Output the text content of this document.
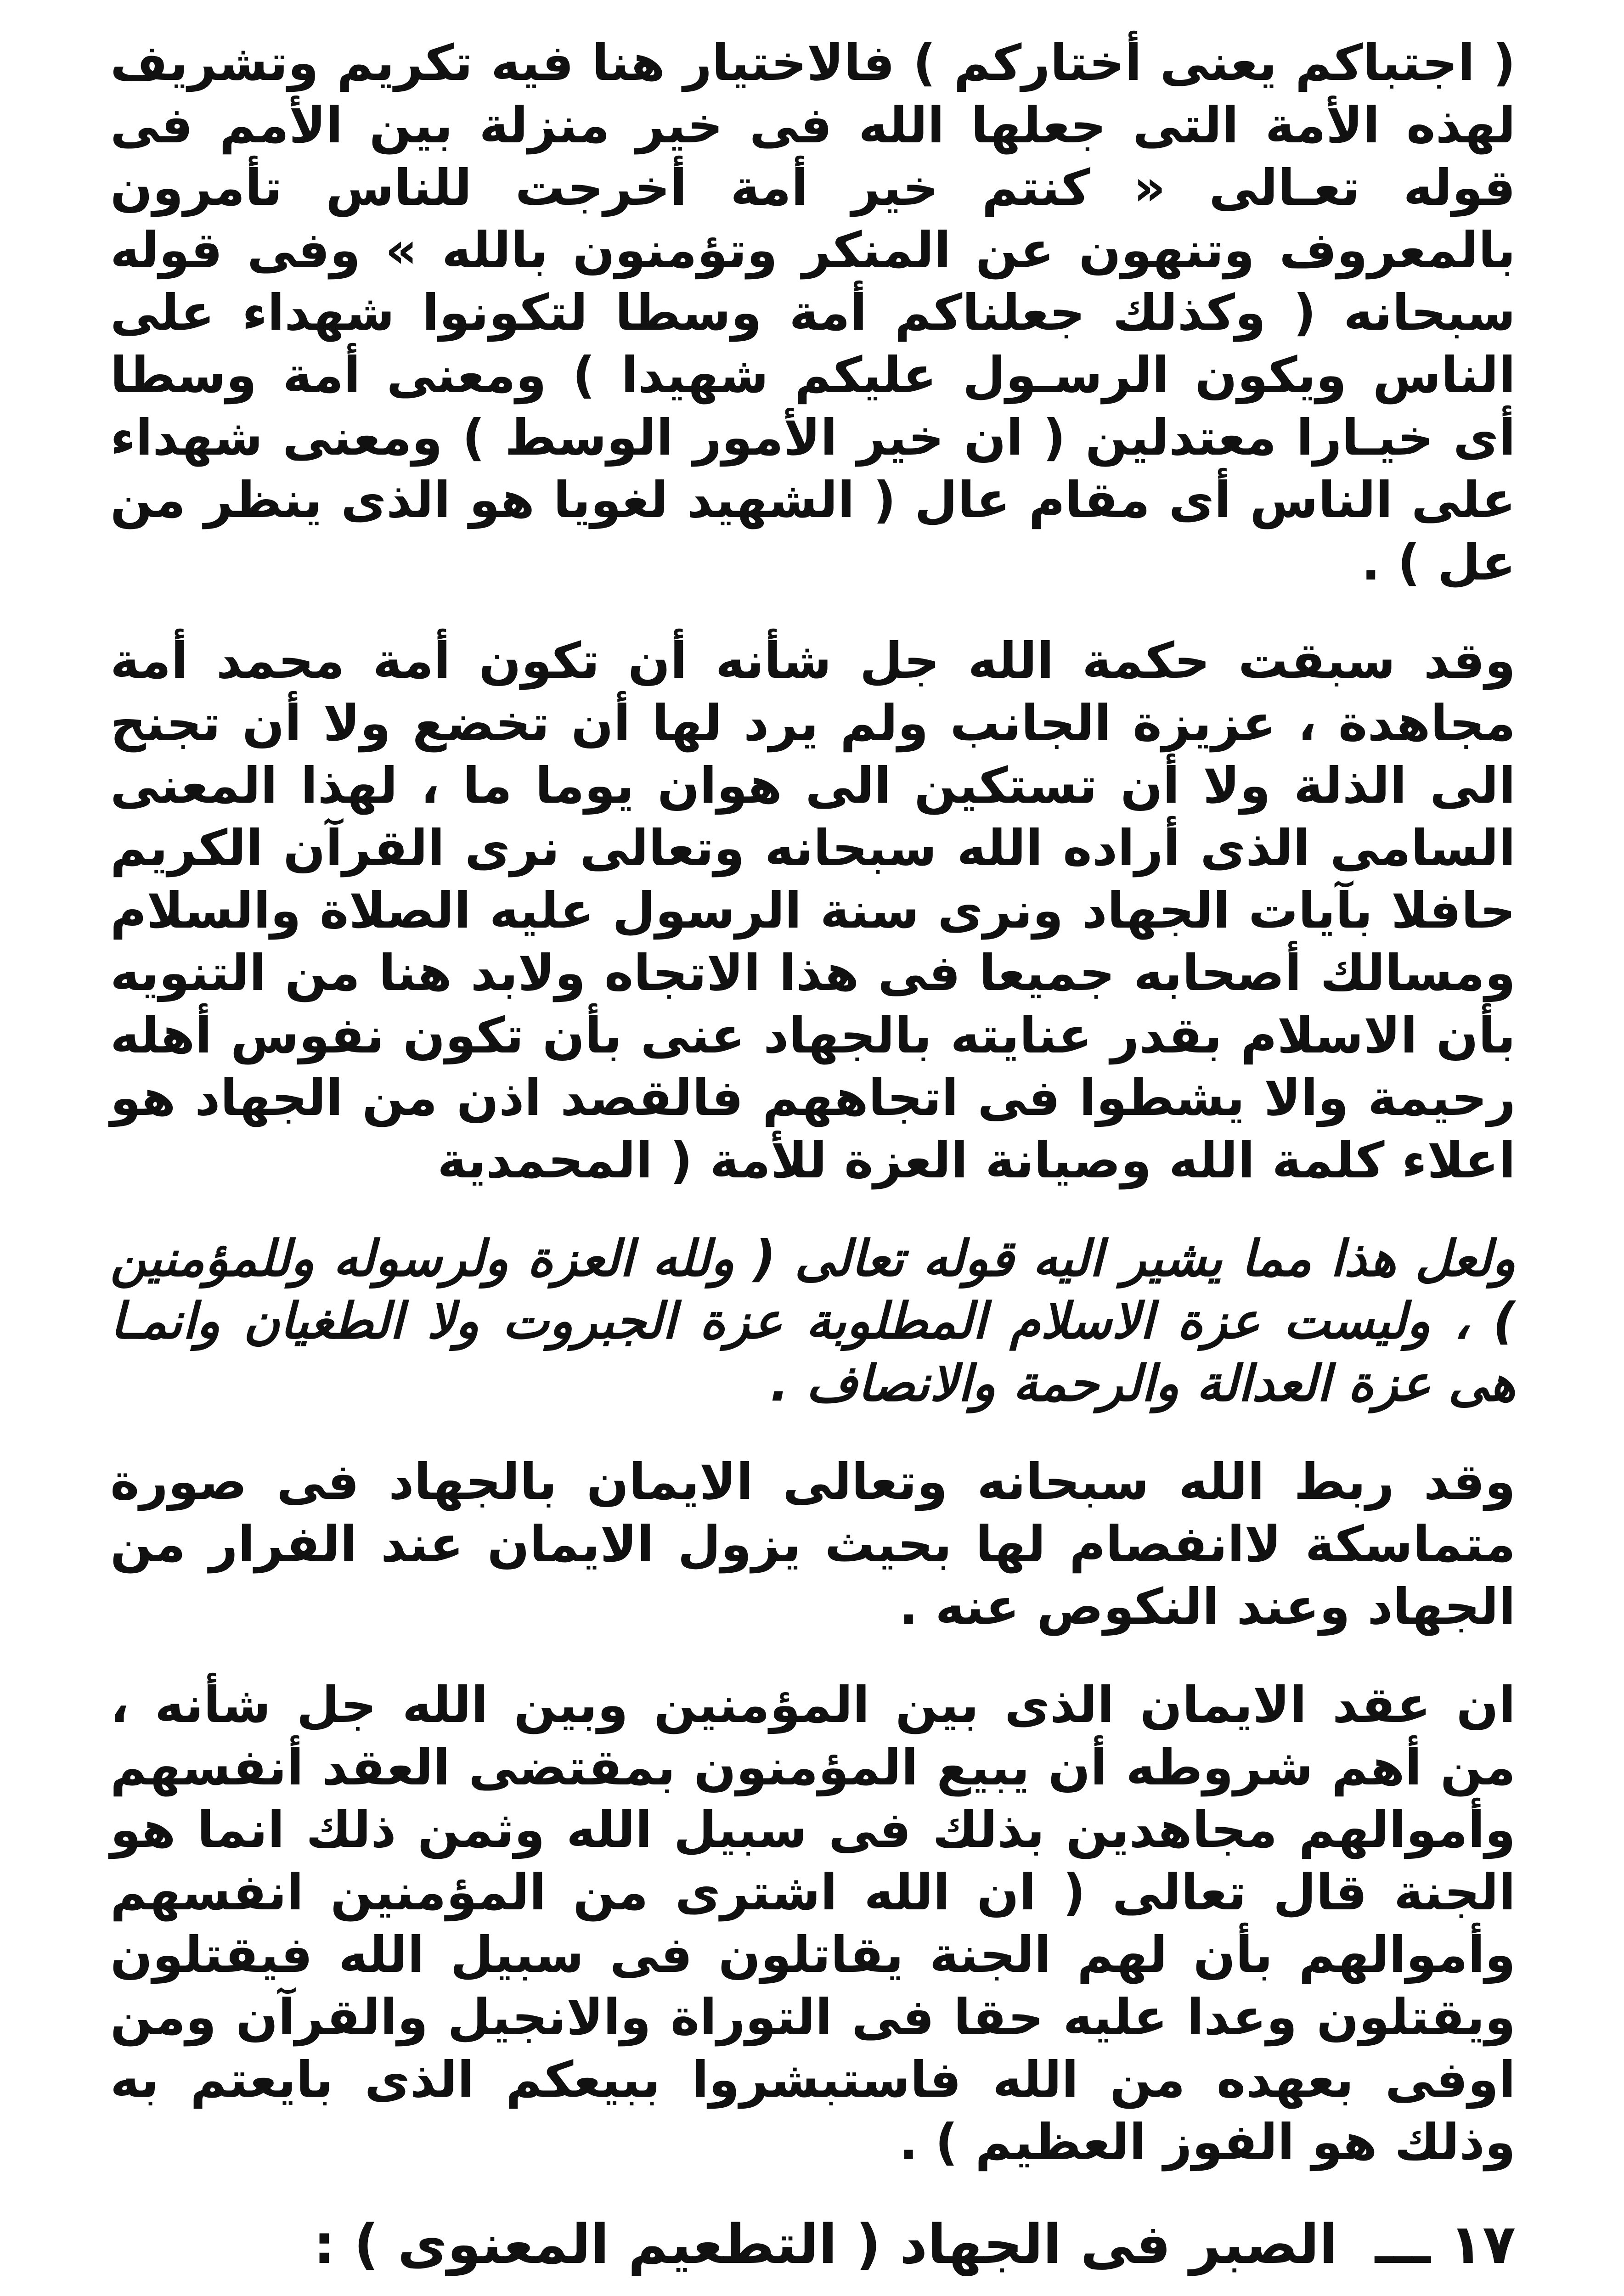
( اجتباكم يعنى أختاركم ) فالاختيار هنا فيه تكريم وتشريف لهذه الأمة التى جعلها الله فى خير منزلة بين الأمم فى قوله تعـالى « كنتم خير أمة أخرجت للناس تأمرون بالمعروف وتنهون عن المنكر وتؤمنون بالله » وفى قوله سبحانه ( وكذلك جعلناكم أمة وسطا لتكونوا شهداء على الناس ويكون الرسـول عليكم شهيدا ) ومعنى أمة وسطا أى خيـارا معتدلين ( ان خير الأمور الوسط ) ومعنى شهداء على الناس أى مقام عال ( الشهيد لغويا هو الذى ينظر من عل ) .

وقد سبقت حكمة الله جل شأنه أن تكون أمة محمد أمة مجاهدة ، عزيزة الجانب ولم يرد لها أن تخضع ولا أن تجنح الى الذلة ولا أن تستكين الى هوان يوما ما ، لهذا المعنى السامى الذى أراده الله سبحانه وتعالى نرى القرآن الكريم حافلا بآيات الجهاد ونرى سنة الرسول عليه الصلاة والسلام ومسالك أصحابه جميعا فى هذا الاتجاه ولابد هنا من التنويه بأن الاسلام بقدر عنايته بالجهاد عنى بأن تكون نفوس أهله رحيمة والا يشطوا فى اتجاههم فالقصد اذن من الجهاد هو اعلاء كلمة الله وصيانة العزة للأمة ( المحمدية

ولعل هذا مما يشير اليه قوله تعالى ( ولله العزة ولرسوله وللمؤمنين ) ، وليست عزة الاسلام المطلوبة عزة الجبروت ولا الطغيان وانمـا هى عزة العدالة والرحمة والانصاف .

وقد ربط الله سبحانه وتعالى الايمان بالجهاد فى صورة متماسكة لاانفصام لها بحيث يزول الايمان عند الفرار من الجهاد وعند النكوص عنه .

ان عقد الايمان الذى بين المؤمنين وبين الله جل شأنه ، من أهم شروطه أن يبيع المؤمنون بمقتضى العقد أنفسهم وأموالهم مجاهدين بذلك فى سبيل الله وثمن ذلك انما هو الجنة قال تعالى ( ان الله اشترى من المؤمنين انفسهم وأموالهم بأن لهم الجنة يقاتلون فى سبيل الله فيقتلون ويقتلون وعدا عليه حقا فى التوراة والانجيل والقرآن ومن اوفى بعهده من الله فاستبشروا ببيعكم الذى بايعتم به وذلك هو الفوز العظيم ) .

١٧ ـــ الصبر فى الجهاد ( التطعيم المعنوى ) :
